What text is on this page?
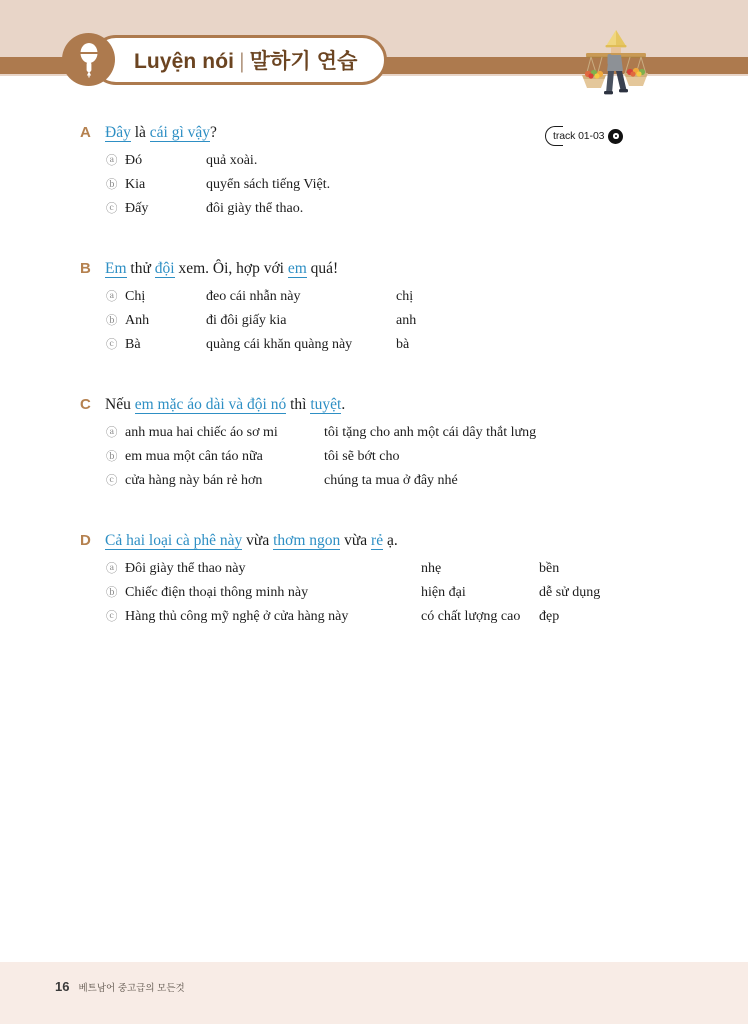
Luyện nói | 말하기 연습
track 01-03
A Đây là cái gì vậy?
ⓐ Đó	quả xoài.
ⓑ Kia	quyển sách tiếng Việt.
ⓒ Đấy	đôi giày thể thao.
B Em thử đội xem. Ôi, hợp với em quá!
ⓐ Chị	đeo cái nhẫn này	chị
ⓑ Anh	đi đôi giấy kia	anh
ⓒ Bà	quàng cái khăn quàng này	bà
C Nếu em mặc áo dài và đội nó thì tuyệt.
ⓐ anh mua hai chiếc áo sơ mi	tôi tặng cho anh một cái dây thắt lưng
ⓑ em mua một cân táo nữa	tôi sẽ bớt cho
ⓒ cửa hàng này bán rẻ hơn	chúng ta mua ở đây nhé
D Cả hai loại cà phê này vừa thơm ngon vừa rẻ ạ.
ⓐ Đôi giày thể thao này	nhẹ	bền
ⓑ Chiếc điện thoại thông minh này	hiện đại	dễ sử dụng
ⓒ Hàng thủ công mỹ nghệ ở cửa hàng này	có chất lượng cao	đẹp
16 베트남어 중고급의 모든것
